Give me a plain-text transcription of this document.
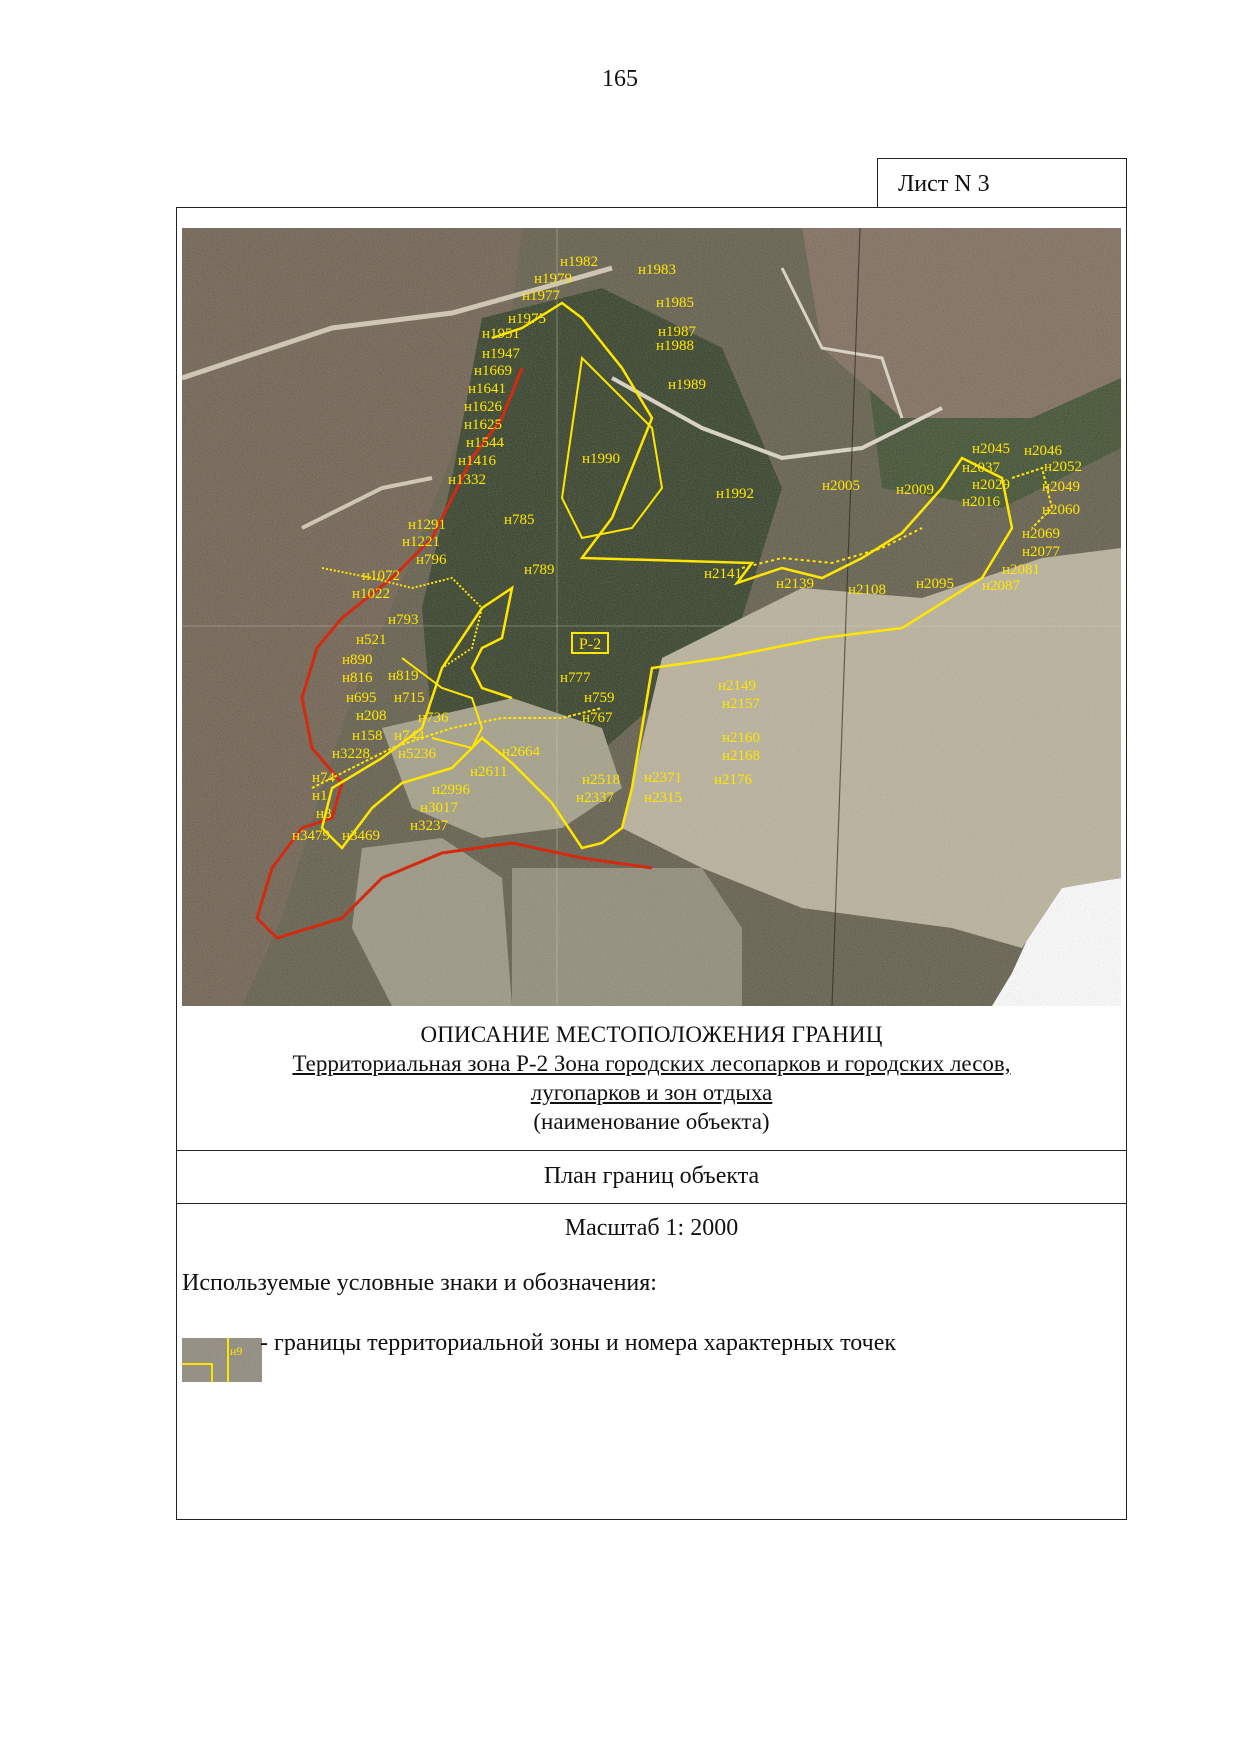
165
Лист N 3
Р-2
н1982	н1983
н1979
н1977	н1985
н1975
н1987
н1951
н1988
н1947
н1669
н1989
н1641
н1626
н1625
н1544
н1416	н1990
н1332
н1992	н2005 н2009
н2045 н2046
н2037	н2052
н2029 н2049
н2016	н2060
н2069
н2077
н2081
н2087
н2095
н2108
н2139
н2141
н785
н1291
н1221
н796
н1072	н789
н1022
н793
н521
н890
н819	н777
н816
н695 н715	н759
н208 н736	н767
н158 н744
н3228 н5236	н2664
н2160
н2168
н2149
н2157
н2611	н2518 н2371 н2176
н2337 н2315
н2996
н3017
н3237
н74
н1
н8
н3479 н3469
ОПИСАНИЕ МЕСТОПОЛОЖЕНИЯ ГРАНИЦ
Территориальная зона Р-2 Зона городских лесопарков и городских лесов,
лугопарков и зон отдыха
(наименование объекта)
План границ объекта
Масштаб 1: 2000
Используемые условные знаки и обозначения:
н9 - границы территориальной зоны и номера характерных точек
